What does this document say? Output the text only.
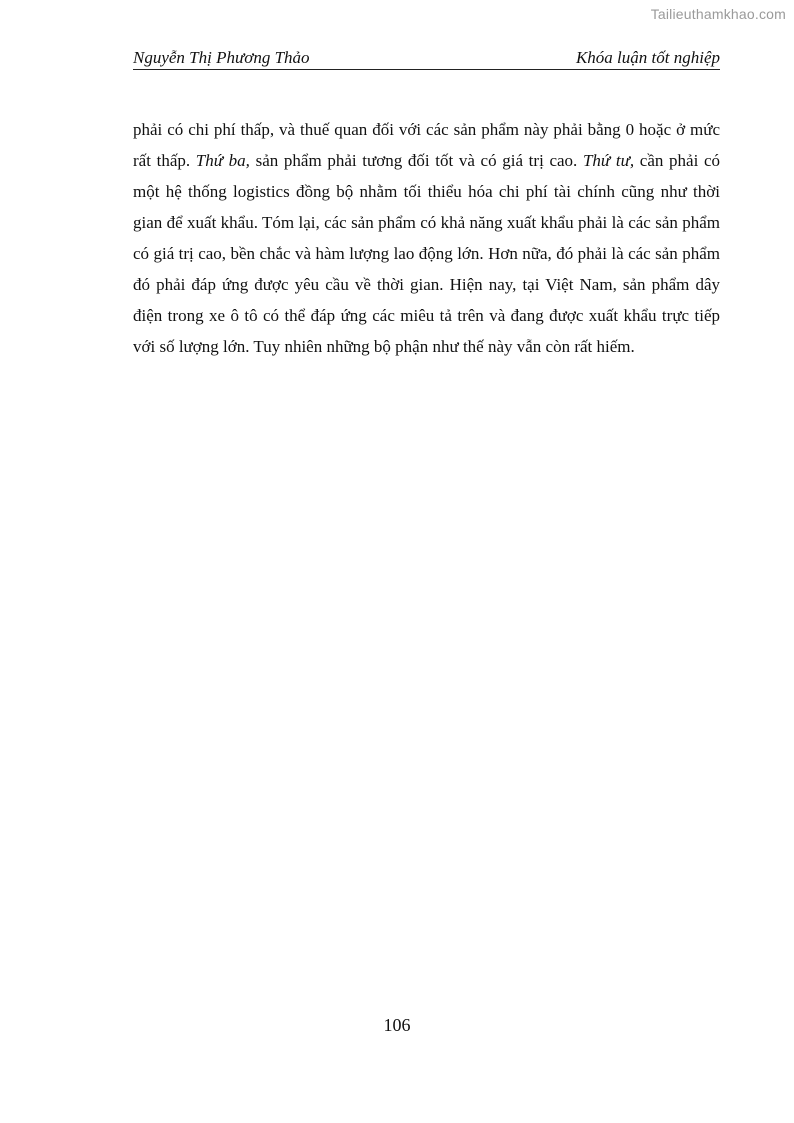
Tailieuthamkhao.com
Nguyễn Thị Phương Thảo	Khóa luận tốt nghiệp

phải có chi phí thấp, và thuế quan đối với các sản phẩm này phải bằng 0 hoặc ở mức rất thấp. Thứ ba, sản phẩm phải tương đối tốt và có giá trị cao. Thứ tư, cần phải có một hệ thống logistics đồng bộ nhằm tối thiểu hóa chi phí tài chính cũng như thời gian để xuất khẩu. Tóm lại, các sản phẩm có khả năng xuất khẩu phải là các sản phẩm có giá trị cao, bền chắc và hàm lượng lao động lớn. Hơn nữa, đó phải là các sản phẩm đó phải đáp ứng được yêu cầu về thời gian. Hiện nay, tại Việt Nam, sản phẩm dây điện trong xe ô tô có thể đáp ứng các miêu tả trên và đang được xuất khẩu trực tiếp với số lượng lớn. Tuy nhiên những bộ phận như thế này vẫn còn rất hiếm.

106
